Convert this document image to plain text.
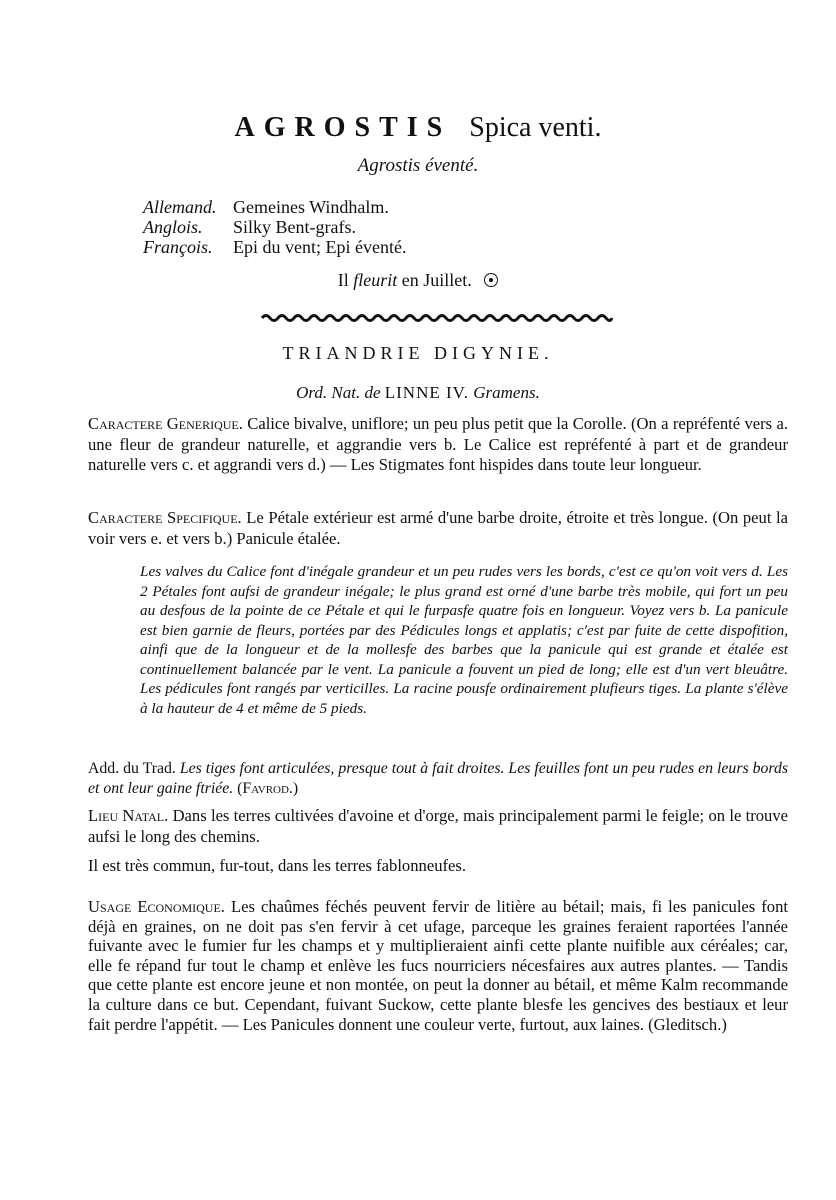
AGROSTIS Spica venti.
Agrostis éventé.
Allemand. Gemeines Windhalm.
Anglois.	Silky Bent-grafs.
François.	Epi du vent; Epi éventé.
Il fleurit en Juillet.
TRIANDRIE DIGYNIE.
Ord. Nat. de LINNE IV. Gramens.
Caractere Generique. Calice bivalve, uniflore; un peu plus petit que la Corolle. (On a repréfenté vers a. une fleur de grandeur naturelle, et aggrandie vers b. Le Calice est repréfenté à part et de grandeur naturelle vers c. et aggrandi vers d.) — Les Stigmates font hispides dans toute leur longueur.
Caractere Specifique. Le Pétale extérieur est armé d'une barbe droite, étroite et très longue. (On peut la voir vers e. et vers b.) Panicule étalée.
Les valves du Calice font d'inégale grandeur et un peu rudes vers les bords, c'est ce qu'on voit vers d. Les 2 Pétales font aufsi de grandeur inégale; le plus grand est orné d'une barbe très mobile, qui fort un peu au desfous de la pointe de ce Pétale et qui le furpasfe quatre fois en longueur. Voyez vers b. La panicule est bien garnie de fleurs, portées par des Pédicules longs et applatis; c'est par fuite de cette dispofition, ainfi que de la longueur et de la mollesfe des barbes que la panicule qui est grande et étalée est continuellement balancée par le vent. La panicule a fouvent un pied de long; elle est d'un vert bleuâtre. Les pédicules font rangés par verticilles. La racine pousfe ordinairement plufieurs tiges. La plante s'élève à la hauteur de 4 et même de 5 pieds.
Add. du Trad. Les tiges font articulées, presque tout à fait droites. Les feuilles font un peu rudes en leurs bords et ont leur gaine ftriée. (Favrod.)
Lieu Natal. Dans les terres cultivées d'avoine et d'orge, mais principalement parmi le feigle; on le trouve aufsi le long des chemins.
Il est très commun, fur-tout, dans les terres fablonneufes.
Usage Economique. Les chaûmes féchés peuvent fervir de litière au bétail; mais, fi les panicules font déjà en graines, on ne doit pas s'en fervir à cet ufage, parceque les graines feraient raportées l'année fuivante avec le fumier fur les champs et y multiplieraient ainfi cette plante nuifible aux céréales; car, elle fe répand fur tout le champ et enlève les fucs nourriciers nécesfaires aux autres plantes. — Tandis que cette plante est encore jeune et non montée, on peut la donner au bétail, et même Kalm recommande la culture dans ce but. Cependant, fuivant Suckow, cette plante blesfe les gencives des bestiaux et leur fait perdre l'appétit. — Les Panicules donnent une couleur verte, furtout, aux laines. (Gleditsch.)
